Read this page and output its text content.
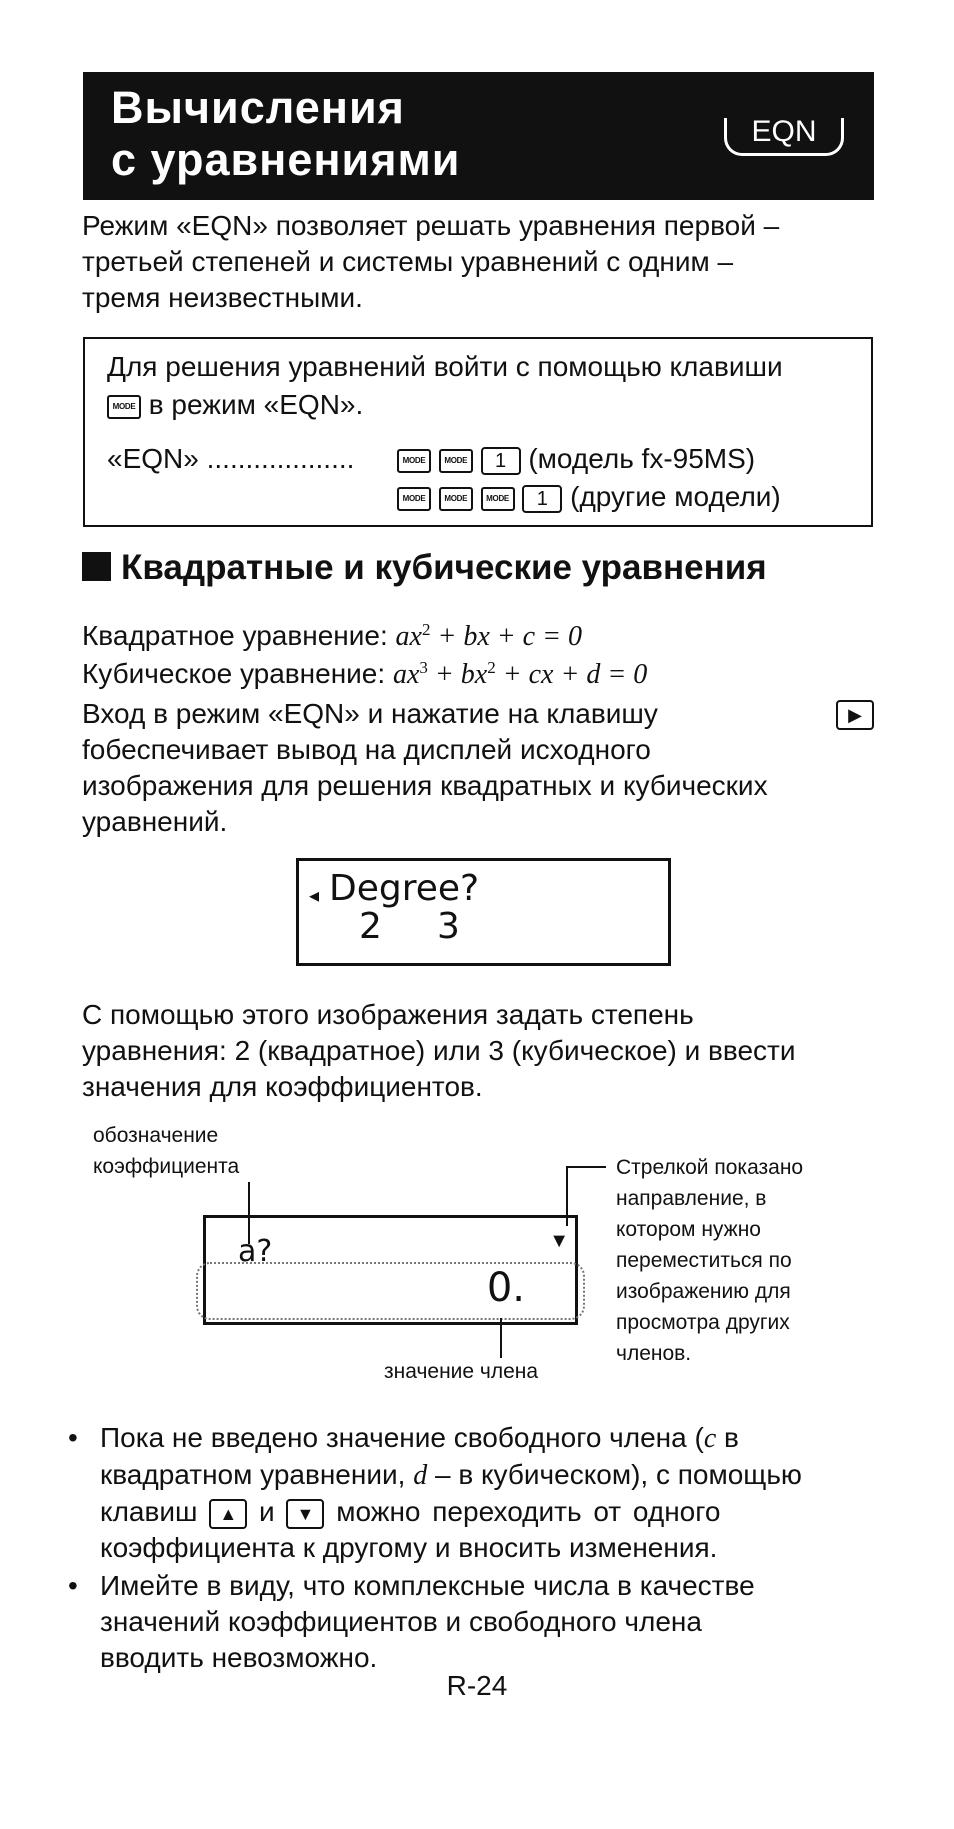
Вычисления
с уравнениями
EQN
Режим «EQN» позволяет решать уравнения первой –
третьей степеней и системы уравнений с одним –
тремя неизвестными.
Для решения уравнений войти с помощью клавиши
MODE в режим «EQN».
«EQN» ...................	MODE MODE 1 (модель fx-95MS)
MODE MODE MODE 1 (другие модели)
Квадратные и кубические уравнения
Квадратное уравнение: $ax^2$ + bx + c = 0
Кубическое уравнение: $ax^3 + bx^2$ + cx + d = 0
Вход в режим «EQN» и нажатие на клавишу	▶
fобеспечивает вывод на дисплей исходного
изображения для решения квадратных и кубических
уравнений.
◂ Degree?
2 3
С помощью этого изображения задать степень
уравнения: 2 (квадратное) или 3 (кубическое) и ввести
значения для коэффициентов.
обозначение
коэффициента
a?	▼
0.
значение члена
Стрелкой показано
направление, в
котором нужно
переместиться по
изображению для
просмотра других
членов.
• Пока не введено значение свободного члена (c в
квадратном уравнении, d – в кубическом), с помощью
клавиш ▲ и ▼ можно переходить от одного
коэффициента к другому и вносить изменения.
• Имейте в виду, что комплексные числа в качестве
значений коэффициентов и свободного члена
вводить невозможно.
R-24
